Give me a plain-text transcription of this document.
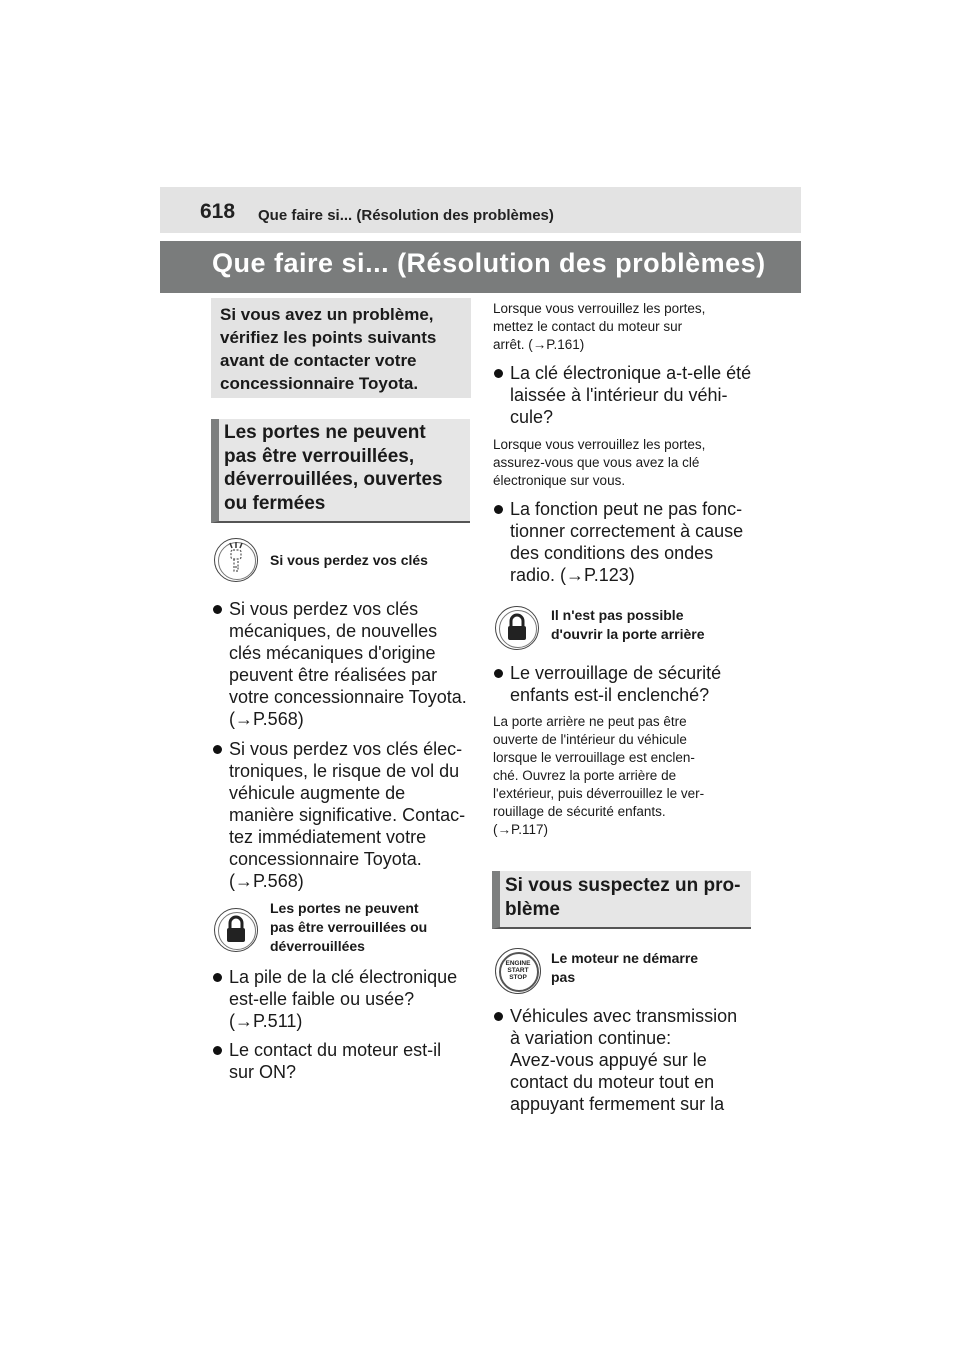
618 Que faire si... (Résolution des problèmes)
Que faire si... (Résolution des problèmes)
Si vous avez un problème,
vérifiez les points suivants
avant de contacter votre
concessionnaire Toyota.
Les portes ne peuvent
pas être verrouillées,
déverrouillées, ouvertes
ou fermées
Si vous perdez vos clés
Si vous perdez vos clés
mécaniques, de nouvelles
clés mécaniques d'origine
peuvent être réalisées par
votre concessionnaire Toyota.
(→P.568)
Si vous perdez vos clés élec-
troniques, le risque de vol du
véhicule augmente de
manière significative. Contac-
tez immédiatement votre
concessionnaire Toyota.
(→P.568)
Les portes ne peuvent
pas être verrouillées ou
déverrouillées
La pile de la clé électronique
est-elle faible ou usée?
(→P.511)
Le contact du moteur est-il
sur ON?
Lorsque vous verrouillez les portes,
mettez le contact du moteur sur
arrêt. (→P.161)
La clé électronique a-t-elle été
laissée à l'intérieur du véhi-
cule?
Lorsque vous verrouillez les portes,
assurez-vous que vous avez la clé
électronique sur vous.
La fonction peut ne pas fonc-
tionner correctement à cause
des conditions des ondes
radio. (→P.123)
Il n'est pas possible
d'ouvrir la porte arrière
Le verrouillage de sécurité
enfants est-il enclenché?
La porte arrière ne peut pas être
ouverte de l'intérieur du véhicule
lorsque le verrouillage est enclen-
ché. Ouvrez la porte arrière de
l'extérieur, puis déverrouillez le ver-
rouillage de sécurité enfants.
(→P.117)
Si vous suspectez un pro-
blème
ENGINE
START
STOP
Le moteur ne démarre
pas
Véhicules avec transmission
à variation continue:
Avez-vous appuyé sur le
contact du moteur tout en
appuyant fermement sur la
